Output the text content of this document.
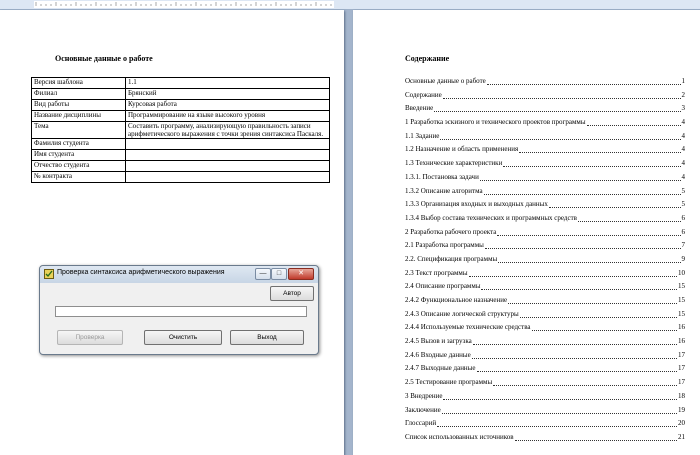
Основные данные о работе
Версия шаблона	1.1
Филиал	Брянский
Вид работы	Курсовая работа
Название дисциплины	Программирование на языке высокого уровня
Тема	Составить программу, анализирующую правильность записи арифметического выражения с точки зрения синтаксиса Паскаля.
Фамилия студента	
Имя студента	
Отчество студента	
№ контракта	
Содержание
Основные данные о работе	1
Содержание	2
Введение	3
1 Разработка эскизного и технического проектов программы	4
1.1 Задание	4
1.2 Назначение и область применения	4
1.3 Технические характеристики	4
1.3.1. Постановка задачи	4
1.3.2 Описание алгоритма	5
1.3.3 Организация входных и выходных данных	5
1.3.4 Выбор состава технических и программных средств	6
2 Разработка рабочего проекта	6
2.1 Разработка программы	7
2.2. Спецификация программы	9
2.3 Текст программы	10
2.4 Описание программы	15
2.4.2 Функциональное назначение	15
2.4.3 Описание логической структуры	15
2.4.4 Используемые технические средства	16
2.4.5 Вызов и загрузка	16
2.4.6 Входные данные	17
2.4.7 Выходные данные	17
2.5 Тестирование программы	17
3 Внедрение	18
Заключение	19
Глоссарий	20
Список использованных источников	21
Проверка синтаксиса арифметического выражения	—	□	✕
Автор
Проверка	Очистить	Выход
